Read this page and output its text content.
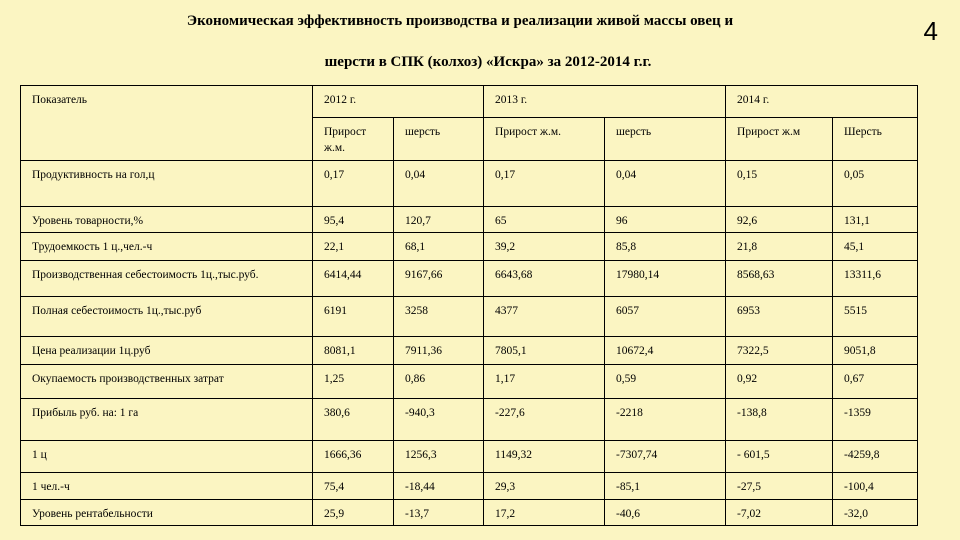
Экономическая эффективность производства и реализации живой массы овец и
шерсти в СПК (колхоз) «Искра» за 2012-2014 г.г.
4
Показатель	2012 г.		2013 г.		2014 г.	
	Прирост ж.м.	шерсть	Прирост ж.м.	шерсть	Прирост ж.м	Шерсть
Продуктивность на гол,ц	0,17	0,04	0,17	0,04	0,15	0,05
Уровень товарности,%	95,4	120,7	65	96	92,6	131,1
Трудоемкость 1 ц.,чел.-ч	22,1	68,1	39,2	85,8	21,8	45,1
Производственная себестоимость 1ц.,тыс.руб.	6414,44	9167,66	6643,68	17980,14	8568,63	13311,6
Полная себестоимость 1ц.,тыс.руб	6191	3258	4377	6057	6953	5515
Цена реализации 1ц.руб	8081,1	7911,36	7805,1	10672,4	7322,5	9051,8
Окупаемость производственных затрат	1,25	0,86	1,17	0,59	0,92	0,67
Прибыль руб. на: 1 га	380,6	-940,3	-227,6	-2218	-138,8	-1359
1 ц	1666,36	1256,3	1149,32	-7307,74	- 601,5	-4259,8
1 чел.-ч	75,4	-18,44	29,3	-85,1	-27,5	-100,4
Уровень рентабельности	25,9	-13,7	17,2	-40,6	-7,02	-32,0
